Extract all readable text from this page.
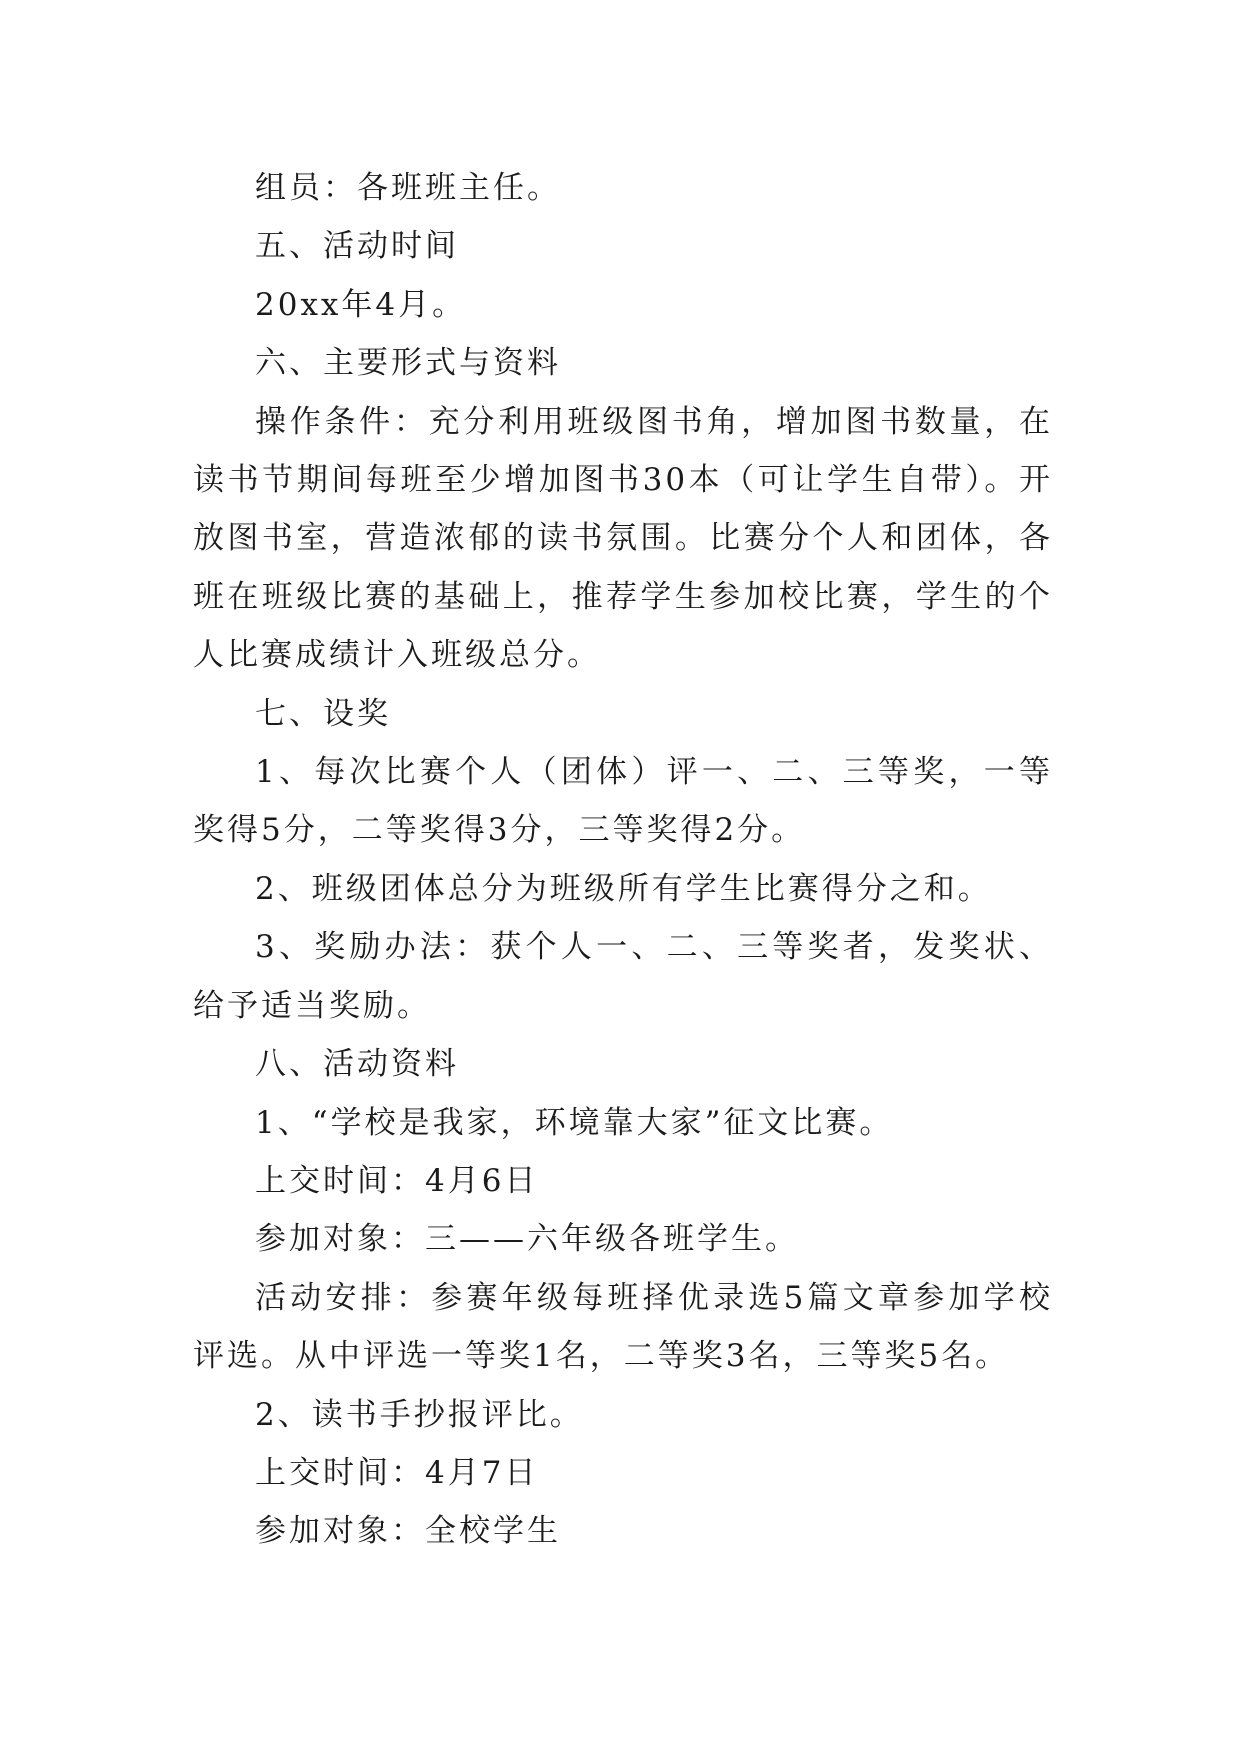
组员：各班班主任。

五、活动时间

20xx年4月。

六、主要形式与资料

操作条件：充分利用班级图书角，增加图书数量，在读书节期间每班至少增加图书30本（可让学生自带）。开放图书室，营造浓郁的读书氛围。比赛分个人和团体，各班在班级比赛的基础上，推荐学生参加校比赛，学生的个人比赛成绩计入班级总分。

七、设奖

1、每次比赛个人（团体）评一、二、三等奖，一等奖得5分，二等奖得3分，三等奖得2分。

2、班级团体总分为班级所有学生比赛得分之和。

3、奖励办法：获个人一、二、三等奖者，发奖状、给予适当奖励。

八、活动资料

1、“学校是我家，环境靠大家”征文比赛。

上交时间：4月6日

参加对象：三——六年级各班学生。

活动安排：参赛年级每班择优录选5篇文章参加学校评选。从中评选一等奖1名，二等奖3名，三等奖5名。

2、读书手抄报评比。

上交时间：4月7日

参加对象：全校学生
